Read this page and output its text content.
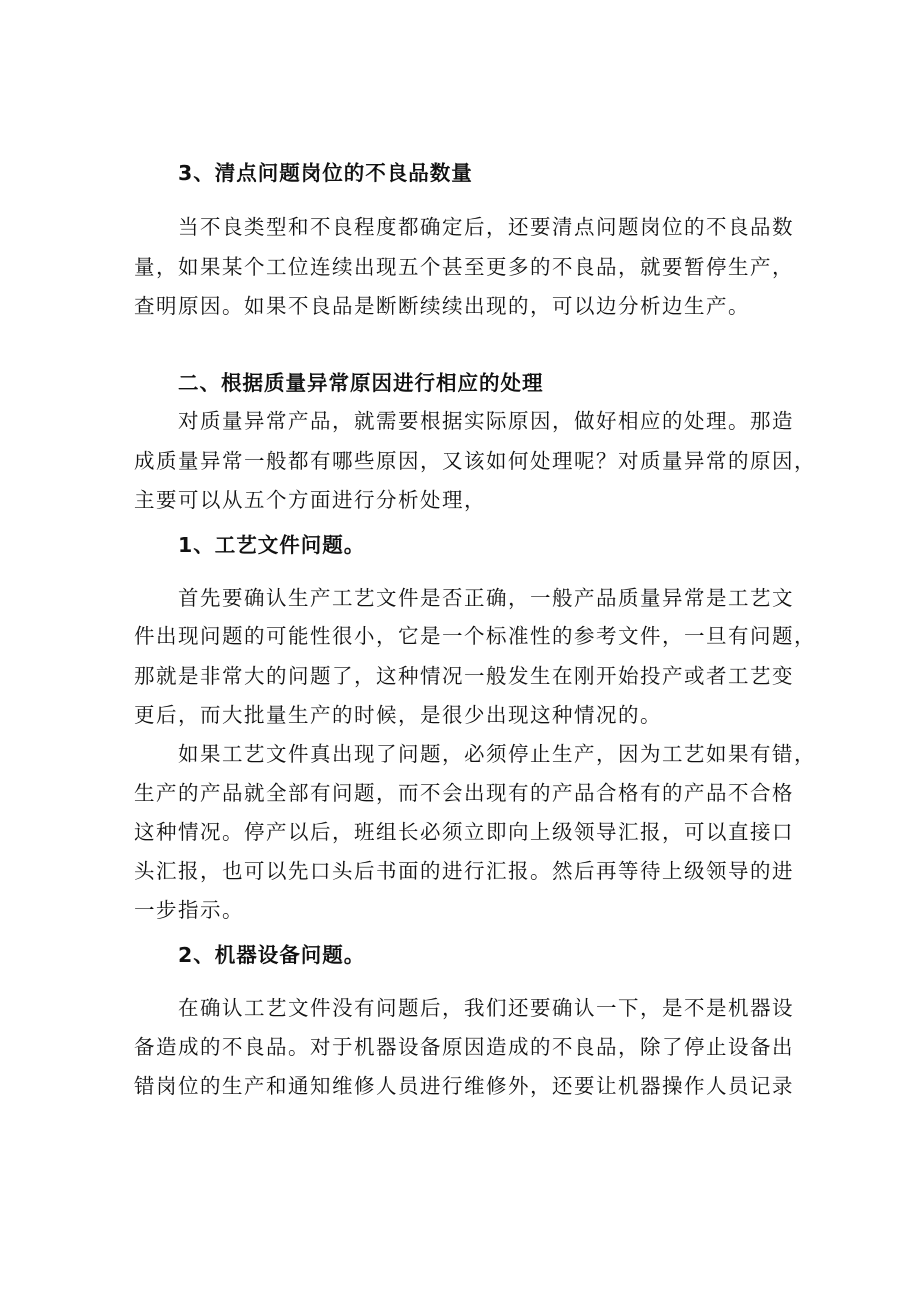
3、清点问题岗位的不良品数量
当不良类型和不良程度都确定后，还要清点问题岗位的不良品数
量，如果某个工位连续出现五个甚至更多的不良品，就要暂停生产，
查明原因。如果不良品是断断续续出现的，可以边分析边生产。
二、根据质量异常原因进行相应的处理
对质量异常产品，就需要根据实际原因，做好相应的处理。那造
成质量异常一般都有哪些原因，又该如何处理呢？对质量异常的原因，
主要可以从五个方面进行分析处理，
1、工艺文件问题。
首先要确认生产工艺文件是否正确，一般产品质量异常是工艺文
件出现问题的可能性很小，它是一个标准性的参考文件，一旦有问题，
那就是非常大的问题了，这种情况一般发生在刚开始投产或者工艺变
更后，而大批量生产的时候，是很少出现这种情况的。
如果工艺文件真出现了问题，必须停止生产，因为工艺如果有错，
生产的产品就全部有问题，而不会出现有的产品合格有的产品不合格
这种情况。停产以后，班组长必须立即向上级领导汇报，可以直接口
头汇报，也可以先口头后书面的进行汇报。然后再等待上级领导的进
一步指示。
2、机器设备问题。
在确认工艺文件没有问题后，我们还要确认一下，是不是机器设
备造成的不良品。对于机器设备原因造成的不良品，除了停止设备出
错岗位的生产和通知维修人员进行维修外，还要让机器操作人员记录
